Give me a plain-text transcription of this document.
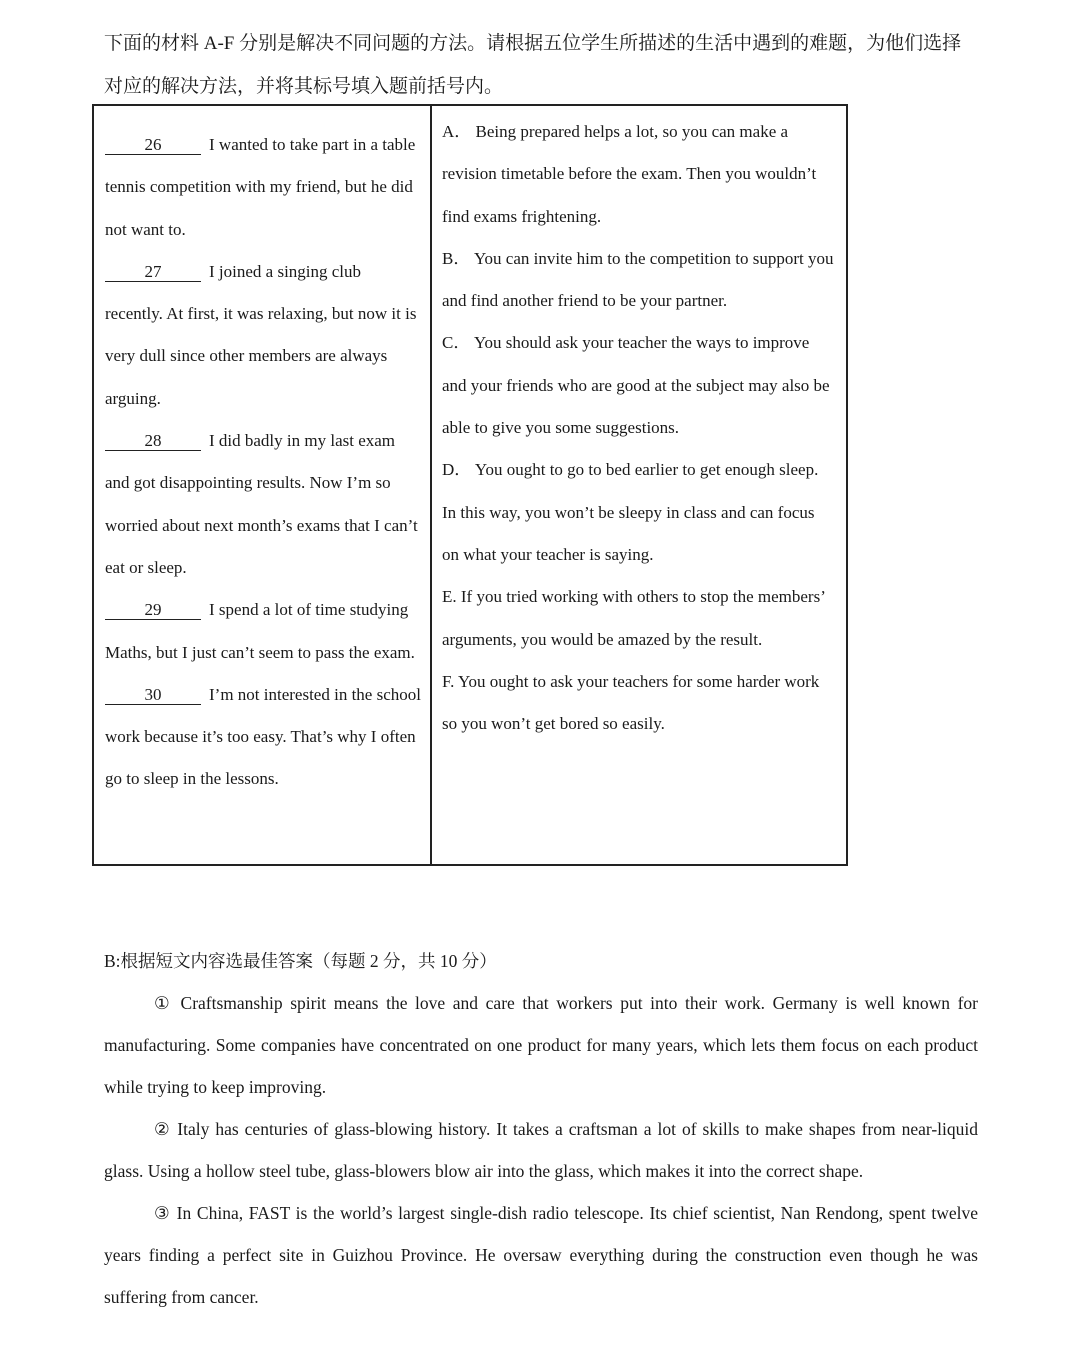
下面的材料 A-F 分别是解决不同问题的方法。请根据五位学生所描述的生活中遇到的难题，为他们选择

对应的解决方法，并将其标号填入题前括号内。

26	I wanted to take part in a table tennis competition with my friend, but he did not want to.

27	I joined a singing club recently. At first, it was relaxing, but now it is very dull since other members are always arguing.

28	I did badly in my last exam and got disappointing results. Now I’m so worried about next month’s exams that I can’t eat or sleep.

29	I spend a lot of time studying Maths, but I just can’t seem to pass the exam.

30	I’m not interested in the school work because it’s too easy. That’s why I often go to sleep in the lessons.

A． Being prepared helps a lot, so you can make a revision timetable before the exam. Then you wouldn’t find exams frightening.

B． You can invite him to the competition to support you and find another friend to be your partner.

C． You should ask your teacher the ways to improve and your friends who are good at the subject may also be able to give you some suggestions.

D． You ought to go to bed earlier to get enough sleep. In this way, you won’t be sleepy in class and can focus on what your teacher is saying.

E. If you tried working with others to stop the members’ arguments, you would be amazed by the result.

F. You ought to ask your teachers for some harder work so you won’t get bored so easily.

B:根据短文内容选最佳答案（每题 2 分，共 10 分）

① Craftsmanship spirit means the love and care that workers put into their work. Germany is well known for manufacturing. Some companies have concentrated on one product for many years, which lets them focus on each product while trying to keep improving.

② Italy has centuries of glass-blowing history. It takes a craftsman a lot of skills to make shapes from near-liquid glass. Using a hollow steel tube, glass-blowers blow air into the glass, which makes it into the correct shape.

③ In China, FAST is the world’s largest single-dish radio telescope. Its chief scientist, Nan Rendong, spent twelve years finding a perfect site in Guizhou Province. He oversaw everything during the construction even though he was suffering from cancer.
